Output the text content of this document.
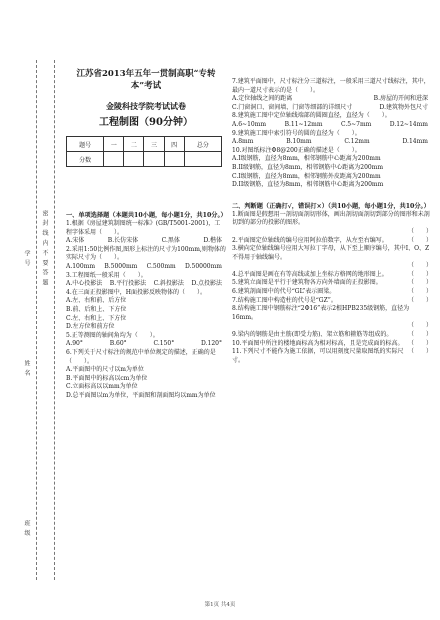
密 封 线 内 不 要 答 题
学 号
姓 名
班 级
江苏省2013年五年一贯制高职“专转本”考试
金陵科技学院考试试卷
工程制图（90分钟）
题号	一	二	三	四	总分
分数					
一、单项选择题（本题共10小题，每小题1分，共10分。）
1.根据《房屋建筑制图统一标准》(GB/T5001-2001)，工程字体采用（　　）。
A.宋体	B.长仿宋体	C.黑体	D.楷体
2.采用1:50比例作图,图形上标注的尺寸为100mm,则物体的实际尺寸为（　　）。
A.100mm B.5000mm C.500mm D.50000mm
3.工程图纸一般采用（　　）。
A.中心投影法 B.平行投影法 C.斜投影法 D.点投影法
4.在三面正投影图中，H面投影反映物体的（　　）。
A.左、右和前、后方位
B.前、后和上、下方位
C.左、右和上、下方位
D.左方位和前方位
5.正等测图的轴间角均为（　　）。
A.90°	B.60°	C.150°	D.120°
6.下列关于尺寸标注的规范中单位规定的描述，正确的是（　　）。
A.平面图中的尺寸以m为单位
B.平面图中的标高以cm为单位
C.立面标高以以mm为单位
D.总平面图以m为单位，平面图和剖面图均以mm为单位
7.建筑平面图中，尺寸标注分三道标注，一般采用三道尺寸线标注，其中，最内一道尺寸表示的是（　　）。
A.定位轴线之间的距离	B.房屋的开间和进深
C.门窗洞口、窗间墙、门窗等细部的详细尺寸	D.建筑物外包尺寸
8.建筑施工图中定位轴线端部的圆圈直径，直径为（　　）。
A.6~10mm	B.11~12mm	C.5~7mm	D.12~14mm
9.建筑施工图中索引符号的圆的直径为（　　）。
A.8mm	B.10mm	C.12mm	D.14mm
10.对图纸标注Φ8@200正确的描述是（　　）。
A.I级钢筋，直径为8mm，相邻钢筋中心距离为200mm
B.II级钢筋，直径为8mm，相邻钢筋中心距离为200mm
C.I级钢筋，直径为8mm，相邻钢筋外皮距离为200mm
D.II级钢筋，直径为8mm，相邻钢筋中心距离为200mm
二、判断题（正确打√，错误打×）（共10小题，每小题1分，共10分。）
1.断面图是假想用一剖切面剖切形体，画出剖切面剖切到部分的图形和未剖切到的部分的投影的图形。
（　　）
2.平面图定位轴线的编号应用阿拉伯数字，从左至右编写。	（　　）
3.横向定位轴线编号应用大写拉丁字母，从下至上顺序编号，其中I、O、Z不得用于轴线编号。
（　　）
4.总平面图是画在有等高线或加上坐标方格网的地形图上。	（　　）
5.建筑立面图是平行于建筑物各方向外墙面的正投影图。	（　　）
6.建筑剖面图中的代号“GL”表示圈梁。	（　　）
7.结构施工图中构造柱的代号是“GZ”。	（　　）
8.结构施工图中钢筋标注“2Φ16”表示2根HPB235级钢筋，直径为16mm。
（　　）
9.梁内的钢筋是由主筋(即受力筋)、架立筋和箍筋等组成的。	（　　）
10.平面图中所注的楼地面标高为相对标高，且是完成面的标高。 （　　）
11.下列尺寸不能作为施工依据，可以用刻度尺量取图纸的实际尺寸。
（　　）
第1页 共4页
